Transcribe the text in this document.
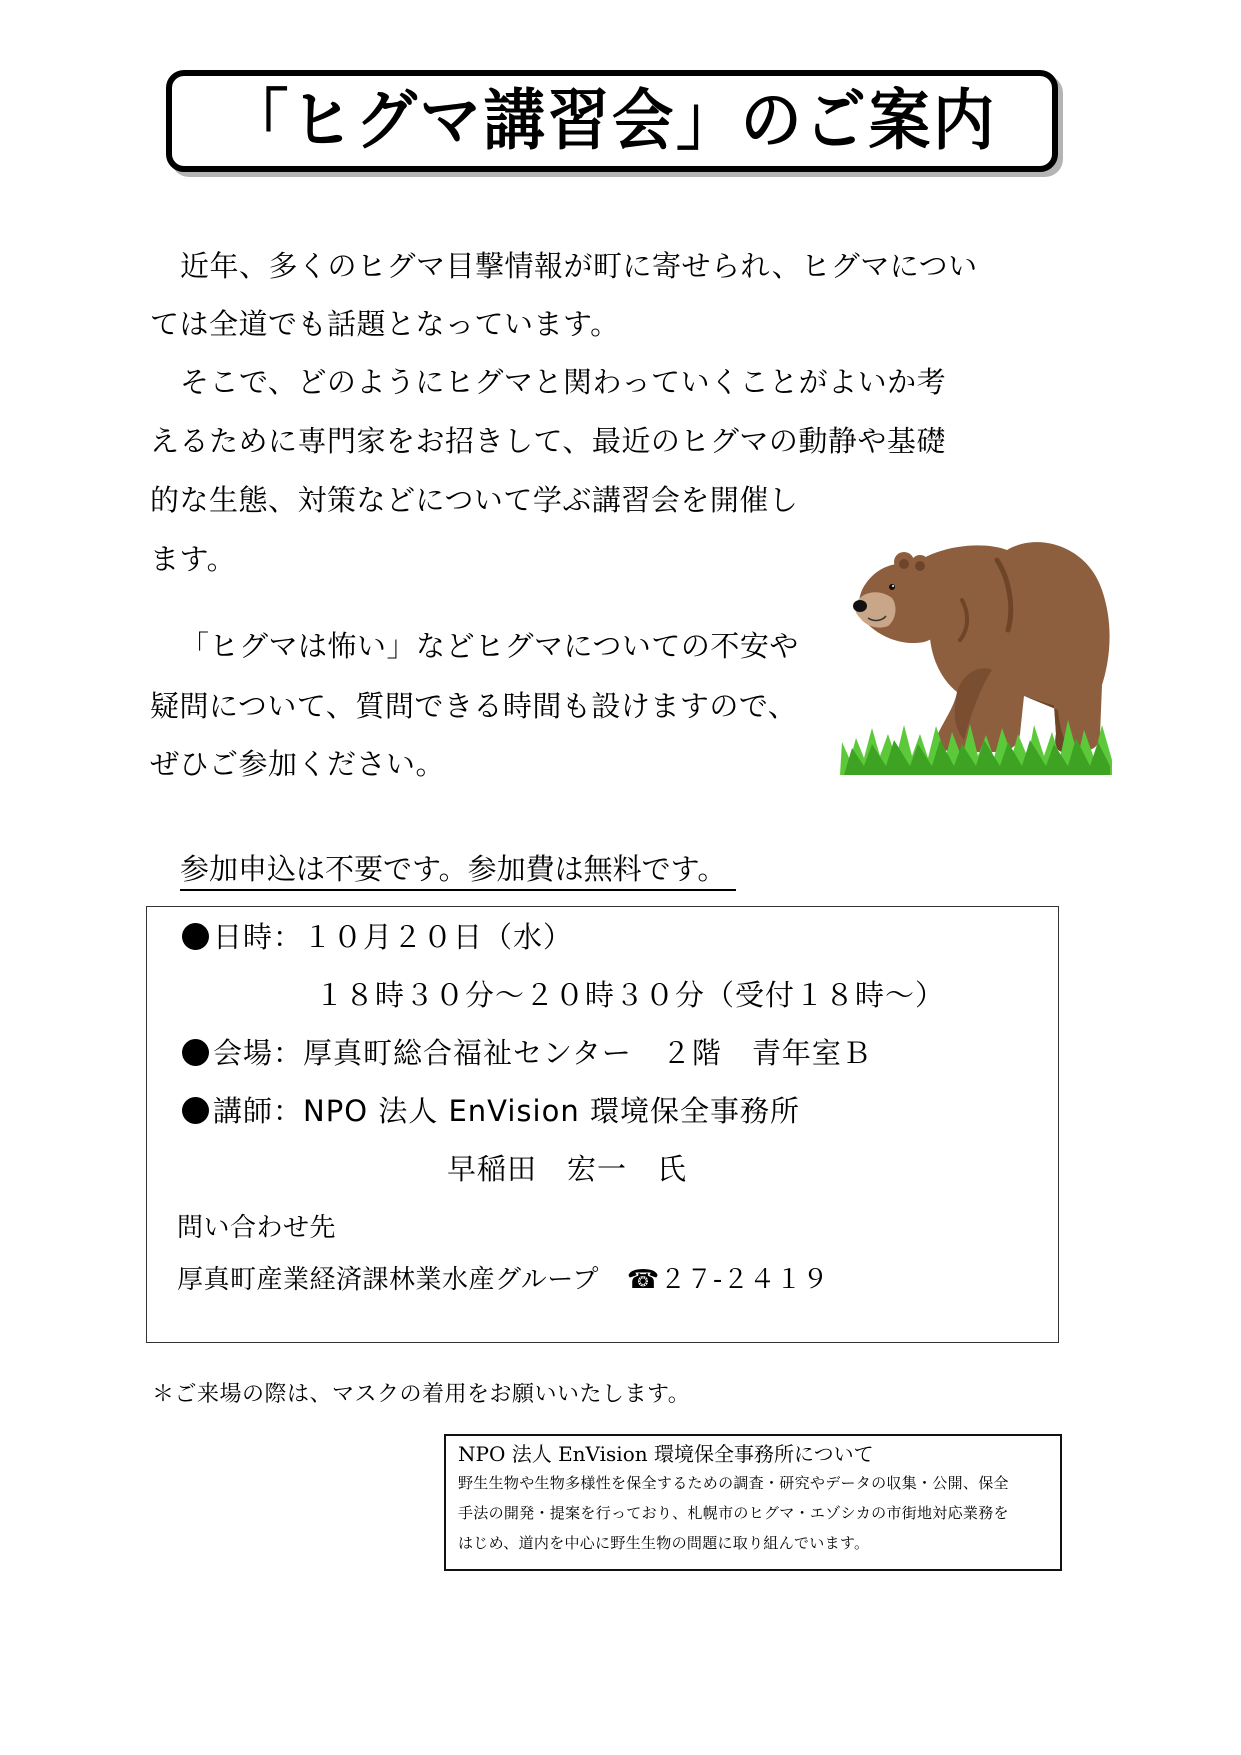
「ヒグマ講習会」のご案内
近年、多くのヒグマ目撃情報が町に寄せられ、ヒグマについ
ては全道でも話題となっています。
そこで、どのようにヒグマと関わっていくことがよいか考
えるために専門家をお招きして、最近のヒグマの動静や基礎
的な生態、対策などについて学ぶ講習会を開催し
ます。
「ヒグマは怖い」などヒグマについての不安や
疑問について、質問できる時間も設けますので、
ぜひご参加ください。
参加申込は不要です。参加費は無料です。
日時：１０月２０日（水）
１８時３０分～２０時３０分（受付１８時～）
会場：厚真町総合福祉センター　２階　青年室Ｂ
講師：NPO 法人 EnVision 環境保全事務所
早稲田　宏一　氏
問い合わせ先
厚真町産業経済課林業水産グループ ☎２７-２４１９
＊ご来場の際は、マスクの着用をお願いいたします。
NPO 法人 EnVision 環境保全事務所について
野生生物や生物多様性を保全するための調査・研究やデータの収集・公開、保全
手法の開発・提案を行っており、札幌市のヒグマ・エゾシカの市街地対応業務を
はじめ、道内を中心に野生生物の問題に取り組んでいます。
